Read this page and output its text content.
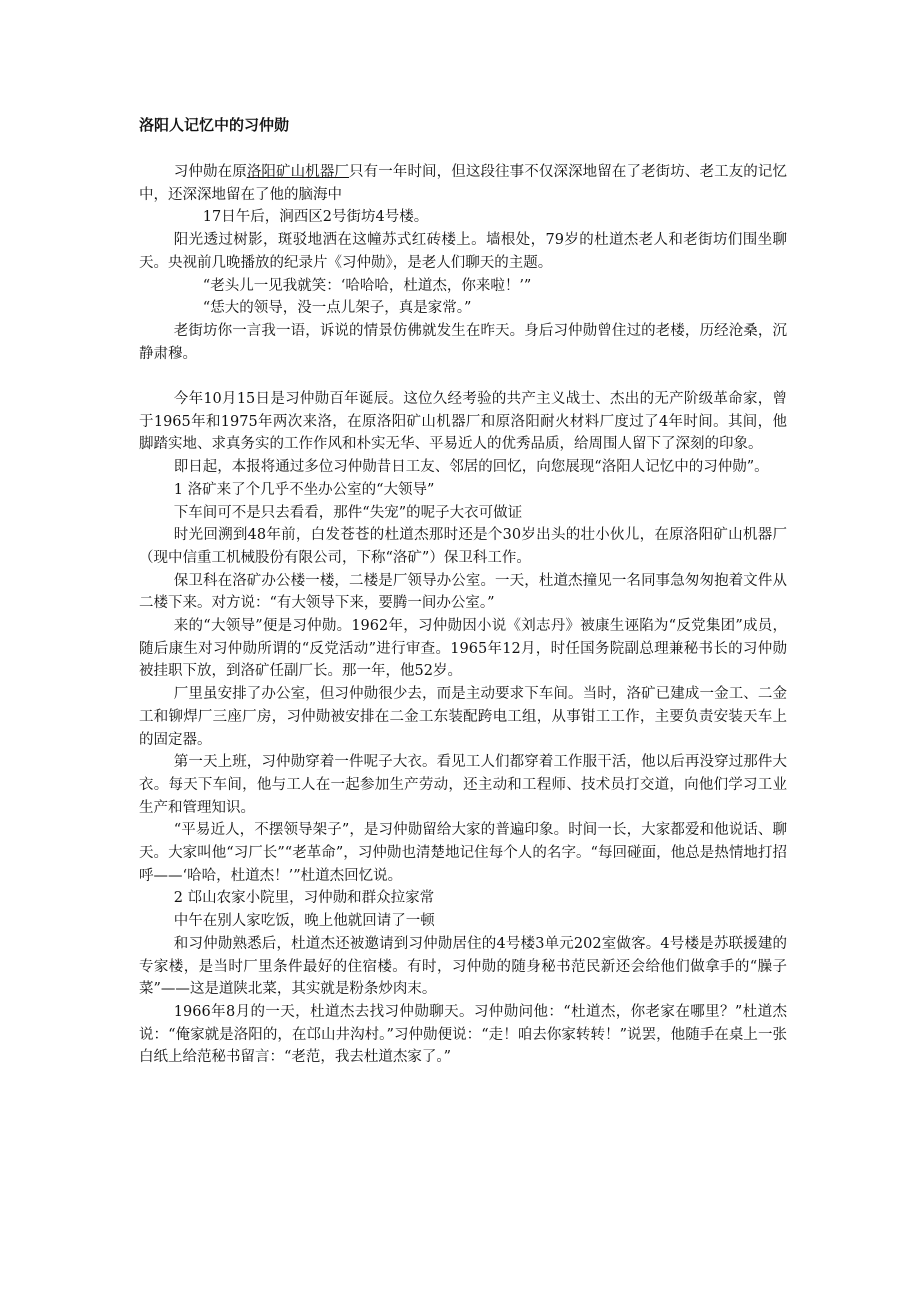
洛阳人记忆中的习仲勋

习仲勋在原洛阳矿山机器厂只有一年时间，但这段往事不仅深深地留在了老街坊、老工友的记忆中，还深深地留在了他的脑海中

17日午后，涧西区2号街坊4号楼。

阳光透过树影，斑驳地洒在这幢苏式红砖楼上。墙根处，79岁的杜道杰老人和老街坊们围坐聊天。央视前几晚播放的纪录片《习仲勋》，是老人们聊天的主题。

“老头儿一见我就笑：‘哈哈哈，杜道杰，你来啦！’”

“恁大的领导，没一点儿架子，真是家常。”

老街坊你一言我一语，诉说的情景仿佛就发生在昨天。身后习仲勋曾住过的老楼，历经沧桑，沉静肃穆。

今年10月15日是习仲勋百年诞辰。这位久经考验的共产主义战士、杰出的无产阶级革命家，曾于1965年和1975年两次来洛，在原洛阳矿山机器厂和原洛阳耐火材料厂度过了4年时间。其间，他脚踏实地、求真务实的工作作风和朴实无华、平易近人的优秀品质，给周围人留下了深刻的印象。

即日起，本报将通过多位习仲勋昔日工友、邻居的回忆，向您展现“洛阳人记忆中的习仲勋”。

1 洛矿来了个几乎不坐办公室的“大领导”

下车间可不是只去看看，那件“失宠”的呢子大衣可做证

时光回溯到48年前，白发苍苍的杜道杰那时还是个30岁出头的壮小伙儿，在原洛阳矿山机器厂（现中信重工机械股份有限公司，下称“洛矿”）保卫科工作。

保卫科在洛矿办公楼一楼，二楼是厂领导办公室。一天，杜道杰撞见一名同事急匆匆抱着文件从二楼下来。对方说：“有大领导下来，要腾一间办公室。”

来的“大领导”便是习仲勋。1962年，习仲勋因小说《刘志丹》被康生诬陷为“反党集团”成员，随后康生对习仲勋所谓的“反党活动”进行审查。1965年12月，时任国务院副总理兼秘书长的习仲勋被挂职下放，到洛矿任副厂长。那一年，他52岁。

厂里虽安排了办公室，但习仲勋很少去，而是主动要求下车间。当时，洛矿已建成一金工、二金工和铆焊厂三座厂房，习仲勋被安排在二金工东装配跨电工组，从事钳工工作，主要负责安装天车上的固定器。

第一天上班，习仲勋穿着一件呢子大衣。看见工人们都穿着工作服干活，他以后再没穿过那件大衣。每天下车间，他与工人在一起参加生产劳动，还主动和工程师、技术员打交道，向他们学习工业生产和管理知识。

“平易近人，不摆领导架子”，是习仲勋留给大家的普遍印象。时间一长，大家都爱和他说话、聊天。大家叫他“习厂长”“老革命”，习仲勋也清楚地记住每个人的名字。“每回碰面，他总是热情地打招呼——‘哈哈，杜道杰！’”杜道杰回忆说。

2 邙山农家小院里，习仲勋和群众拉家常

中午在别人家吃饭，晚上他就回请了一顿

和习仲勋熟悉后，杜道杰还被邀请到习仲勋居住的4号楼3单元202室做客。4号楼是苏联援建的专家楼，是当时厂里条件最好的住宿楼。有时，习仲勋的随身秘书范民新还会给他们做拿手的“臊子菜”——这是道陕北菜，其实就是粉条炒肉末。

1966年8月的一天，杜道杰去找习仲勋聊天。习仲勋问他：“杜道杰，你老家在哪里？”杜道杰说：“俺家就是洛阳的，在邙山井沟村。”习仲勋便说：“走！咱去你家转转！”说罢，他随手在桌上一张白纸上给范秘书留言：“老范，我去杜道杰家了。”
